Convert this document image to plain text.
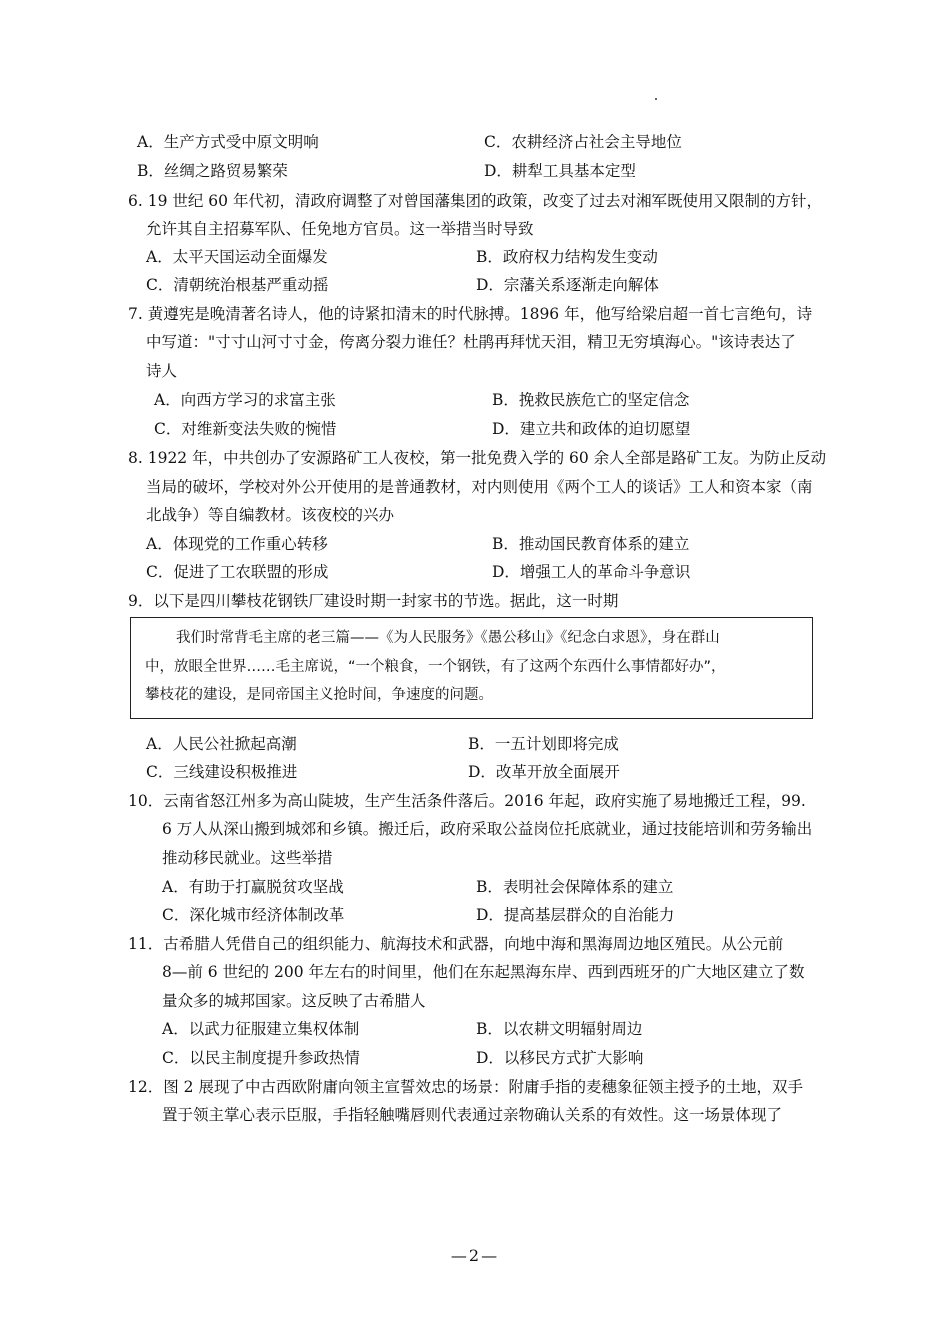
A．生产方式受中原文明响	C．农耕经济占社会主导地位
B．丝绸之路贸易繁荣	D．耕犁工具基本定型
6. 19 世纪 60 年代初，清政府调整了对曾国藩集团的政策，改变了过去对湘军既使用又限制的方针，
允许其自主招募军队、任免地方官员。这一举措当时导致
A．太平天国运动全面爆发	B．政府权力结构发生变动
C．清朝统治根基严重动摇	D．宗藩关系逐渐走向解体
7. 黄遵宪是晚清著名诗人，他的诗紧扣清末的时代脉搏。1896 年，他写给梁启超一首七言绝句，诗
中写道："寸寸山河寸寸金，侉离分裂力谁任？杜鹃再拜忧天泪，精卫无穷填海心。"该诗表达了
诗人
A．向西方学习的求富主张	B．挽救民族危亡的坚定信念
C．对维新变法失败的惋惜	D．建立共和政体的迫切愿望
8. 1922 年，中共创办了安源路矿工人夜校，第一批免费入学的 60 余人全部是路矿工友。为防止反动
当局的破坏，学校对外公开使用的是普通教材，对内则使用《两个工人的谈话》工人和资本家（南
北战争）等自编教材。该夜校的兴办
A．体现党的工作重心转移	B．推动国民教育体系的建立
C．促进了工农联盟的形成	D．增强工人的革命斗争意识
9．以下是四川攀枝花钢铁厂建设时期一封家书的节选。据此，这一时期
我们时常背毛主席的老三篇——《为人民服务》《愚公移山》《纪念白求恩》，身在群山
中，放眼全世界……毛主席说，“一个粮食，一个钢铁，有了这两个东西什么事情都好办”，
攀枝花的建设，是同帝国主义抢时间，争速度的问题。
A．人民公社掀起高潮	B．一五计划即将完成
C．三线建设积极推进	D．改革开放全面展开
10．云南省怒江州多为高山陡坡，生产生活条件落后。2016 年起，政府实施了易地搬迁工程，99.
6 万人从深山搬到城郊和乡镇。搬迁后，政府采取公益岗位托底就业，通过技能培训和劳务输出
推动移民就业。这些举措
A．有助于打赢脱贫攻坚战	B．表明社会保障体系的建立
C．深化城市经济体制改革	D．提高基层群众的自治能力
11．古希腊人凭借自己的组织能力、航海技术和武器，向地中海和黑海周边地区殖民。从公元前
8—前 6 世纪的 200 年左右的时间里，他们在东起黑海东岸、西到西班牙的广大地区建立了数
量众多的城邦国家。这反映了古希腊人
A．以武力征服建立集权体制	B．以农耕文明辐射周边
C．以民主制度提升参政热情	D．以移民方式扩大影响
12．图 2 展现了中古西欧附庸向领主宣誓效忠的场景：附庸手指的麦穗象征领主授予的土地，双手
置于领主掌心表示臣服，手指轻触嘴唇则代表通过亲物确认关系的有效性。这一场景体现了
—2—
